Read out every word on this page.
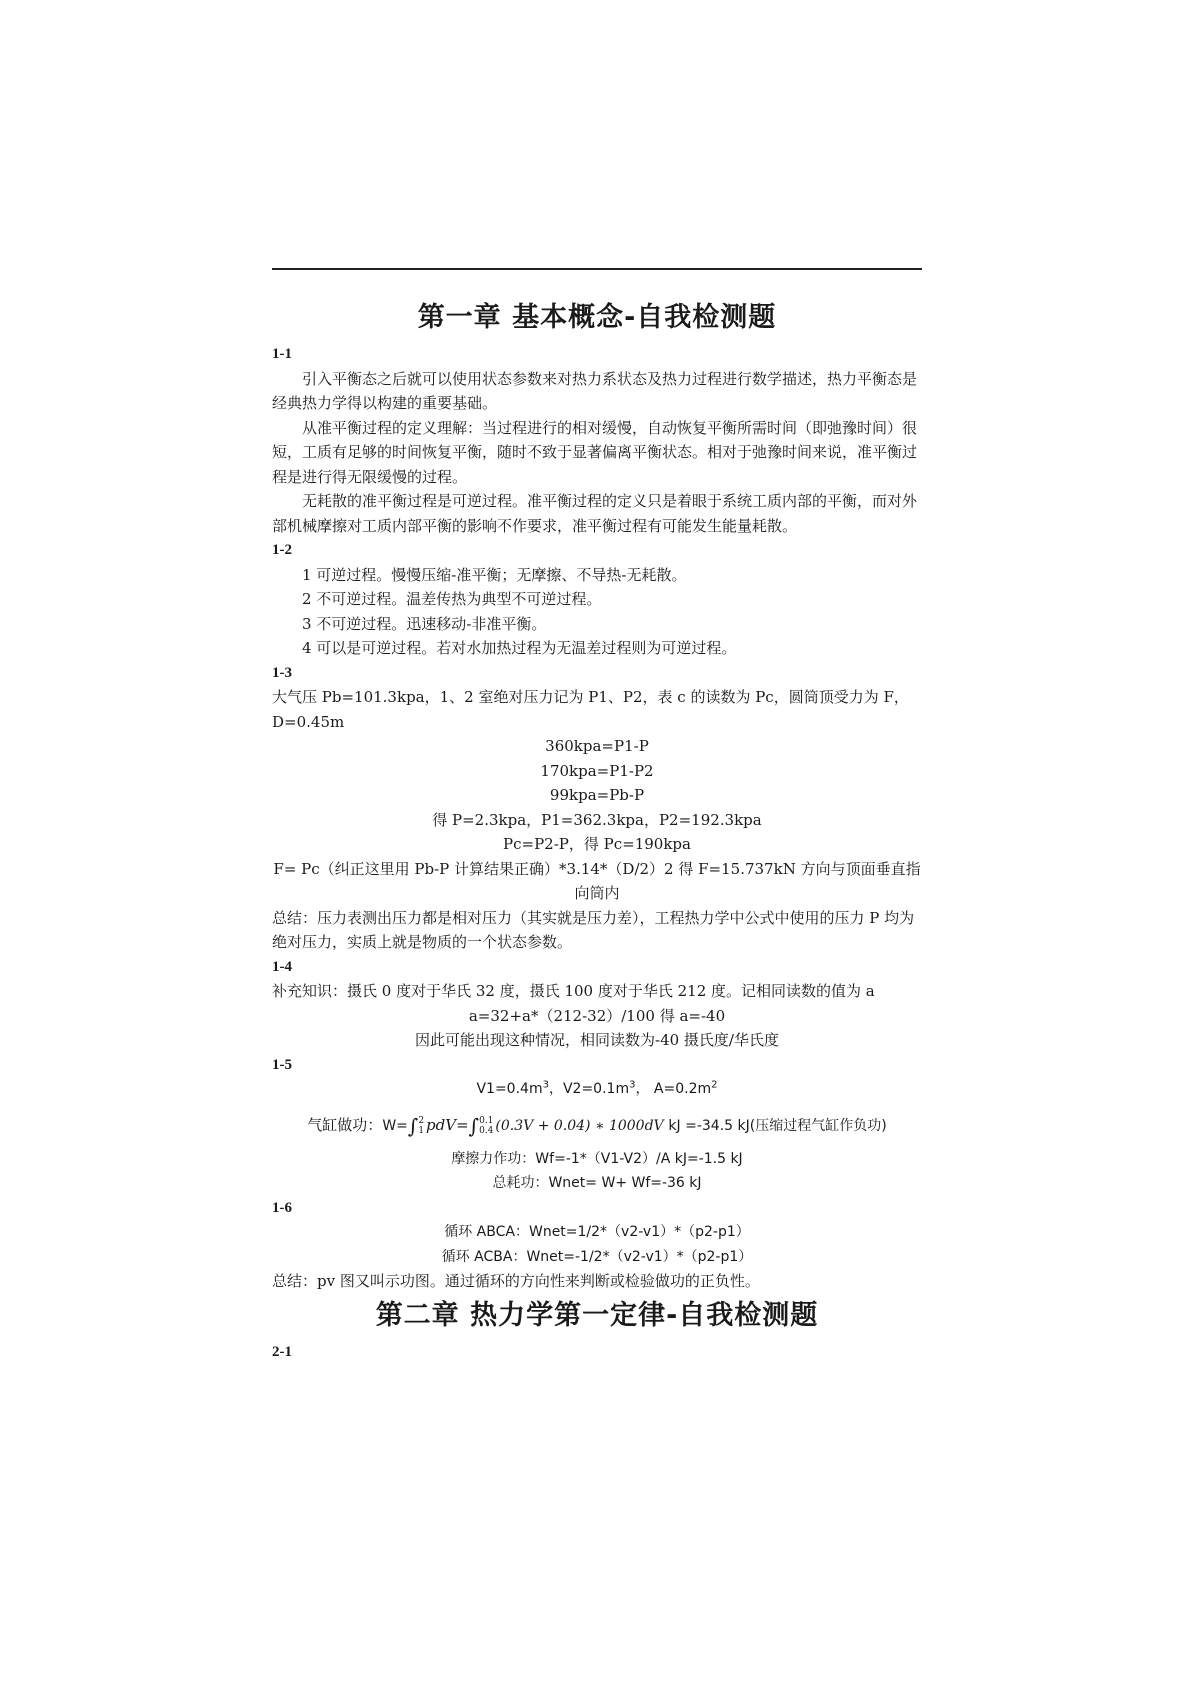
第一章 基本概念-自我检测题
1-1

引入平衡态之后就可以使用状态参数来对热力系状态及热力过程进行数学描述，热力平衡态是经典热力学得以构建的重要基础。

从准平衡过程的定义理解：当过程进行的相对缓慢，自动恢复平衡所需时间（即弛豫时间）很短，工质有足够的时间恢复平衡，随时不致于显著偏离平衡状态。相对于弛豫时间来说，准平衡过程是进行得无限缓慢的过程。

无耗散的准平衡过程是可逆过程。准平衡过程的定义只是着眼于系统工质内部的平衡，而对外部机械摩擦对工质内部平衡的影响不作要求，准平衡过程有可能发生能量耗散。

1-2

1 可逆过程。慢慢压缩-准平衡；无摩擦、不导热-无耗散。

2 不可逆过程。温差传热为典型不可逆过程。

3 不可逆过程。迅速移动-非准平衡。

4 可以是可逆过程。若对水加热过程为无温差过程则为可逆过程。

1-3

大气压 Pb=101.3kpa，1、2 室绝对压力记为 P1、P2，表 c 的读数为 Pc，圆筒顶受力为 F，D=0.45m

360kpa=P1-P

170kpa=P1-P2

99kpa=Pb-P

得 P=2.3kpa，P1=362.3kpa，P2=192.3kpa

Pc=P2-P，得 Pc=190kpa

F= Pc（纠正这里用 Pb-P 计算结果正确）*3.14*（D/2）2 得 F=15.737kN 方向与顶面垂直指向筒内

总结：压力表测出压力都是相对压力（其实就是压力差），工程热力学中公式中使用的压力 P 均为绝对压力，实质上就是物质的一个状态参数。

1-4

补充知识：摄氏 0 度对于华氏 32 度，摄氏 100 度对于华氏 212 度。记相同读数的值为 a

a=32+a*（212-32）/100 得 a=-40

因此可能出现这种情况，相同读数为-40 摄氏度/华氏度

1-5

$V1=0.4m^3$，$V2=0.1m^3$， $A=0.2m^2$

气缸做功：W=∫ 2
1 pdV=∫ 0.1
0.4 (0.3V + 0.04) ∗ 1000dV kJ =-34.5 kJ(压缩过程气缸作负功)

摩擦力作功：Wf=-1*（V1-V2）/A kJ=-1.5 kJ

总耗功：Wnet= W+ Wf=-36 kJ

1-6

循环 ABCA：Wnet=1/2*（v2-v1）*（p2-p1）

循环 ACBA：Wnet=-1/2*（v2-v1）*（p2-p1）

总结：pv 图又叫示功图。通过循环的方向性来判断或检验做功的正负性。

第二章 热力学第一定律-自我检测题
2-1
